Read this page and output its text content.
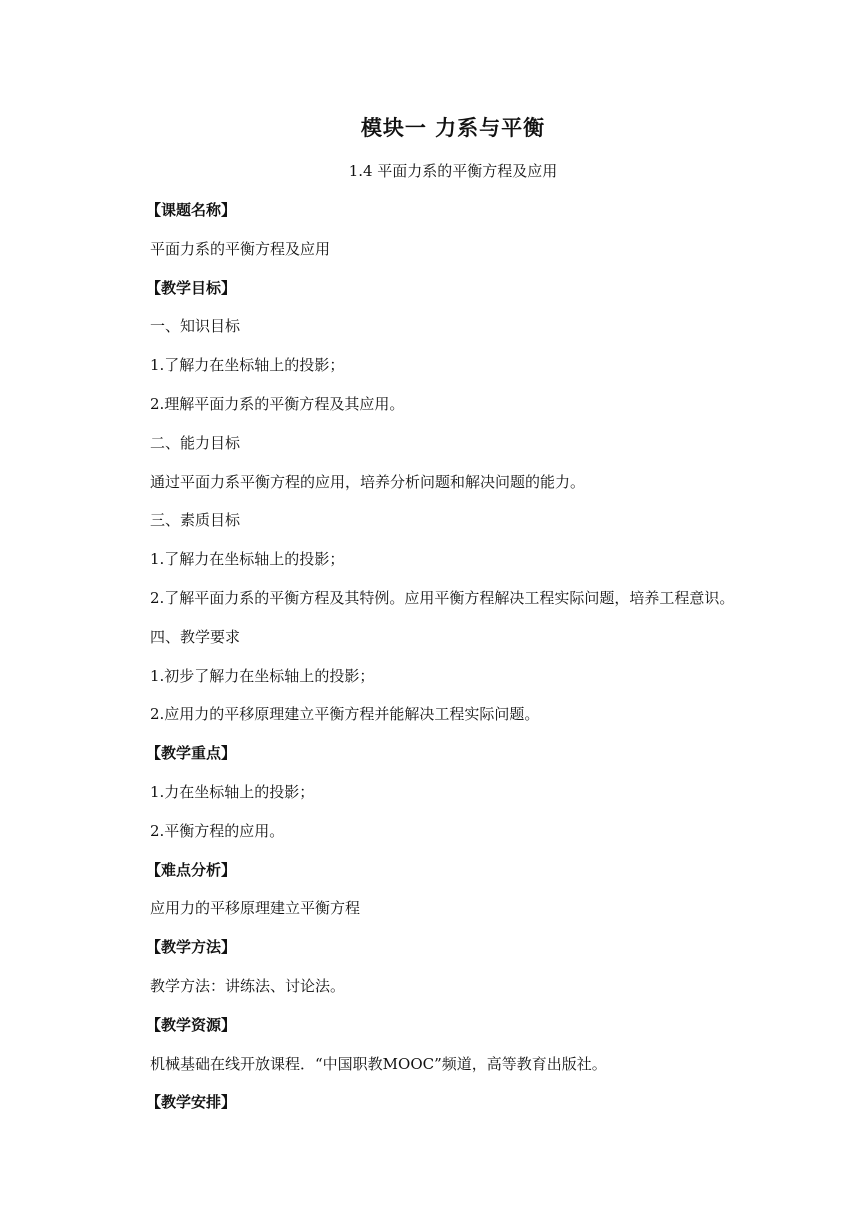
模块一 力系与平衡
1.4 平面力系的平衡方程及应用
【课题名称】
平面力系的平衡方程及应用
【教学目标】
一、知识目标
1.了解力在坐标轴上的投影；
2.理解平面力系的平衡方程及其应用。
二、能力目标
通过平面力系平衡方程的应用，培养分析问题和解决问题的能力。
三、素质目标
1.了解力在坐标轴上的投影；
2.了解平面力系的平衡方程及其特例。应用平衡方程解决工程实际问题，培养工程意识。
四、教学要求
1.初步了解力在坐标轴上的投影；
2.应用力的平移原理建立平衡方程并能解决工程实际问题。
【教学重点】
1.力在坐标轴上的投影；
2.平衡方程的应用。
【难点分析】
应用力的平移原理建立平衡方程
【教学方法】
教学方法：讲练法、讨论法。
【教学资源】
机械基础在线开放课程．“中国职教MOOC”频道，高等教育出版社。
【教学安排】
